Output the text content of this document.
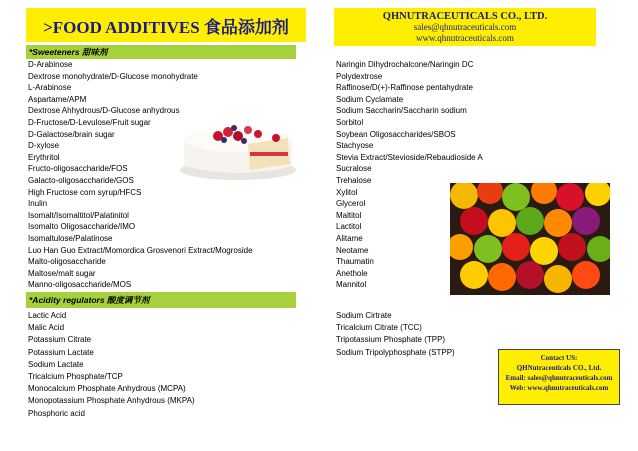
>FOOD ADDITIVES 食品添加剂
QHNUTRACEUTICALS CO., LTD.
sales@qhnutraceuticals.com
www.qhnutraceuticals.com
*Sweeteners 甜味剂
D-Arabinose
Dextrose monohydrate/D-Glucose monohydrate
L-Arabinose
Aspartame/APM
Dextrose Ahhydrous/D-Glucose anhydrous
D-Fructose/D-Levulose/Fruit sugar
D-Galactose/brain sugar
D-xylose
Erythritol
Fructo-oligosaccharide/FOS
Galacto-oligosaccharide/GOS
High Fructose corn syrup/HFCS
Inulin
Isomalt/Isomaltitol/Palatinitol
Isomalto Oligosaccharide/IMO
Isomaltulose/Palatinose
Luo Han Guo Extract/Momordica Grosvenori Extract/Mogroside
Malto-oligosaccharide
Maltose/malt sugar
Manno-oligosaccharide/MOS
Naringin Dihydrochalcone/Naringin DC
Polydextrose
Raffinose/D(+)-Raffinose pentahydrate
Sodium Cyclamate
Sodium Saccharin/Saccharin sodium
Sorbitol
Soybean Oligosaccharides/SBOS
Stachyose
Stevia Extract/Stevioside/Rebaudioside A
Sucralose
Trehalose
Xylitol
Glycerol
Maltitol
Lactitol
Alitame
Neotame
Thaumatin
Anethole
Mannitol
*Acidity regulators 酸度调节剂
Lactic Acid
Malic Acid
Potassium Citrate
Potassium Lactate
Sodium Lactate
Tricalcium Phosphate/TCP
Monocalcium Phosphate Anhydrous (MCPA)
Monopotassium Phosphate Anhydrous (MKPA)
Phosphoric acid
Sodium Cirtrate
Tricalcium Citrate (TCC)
Tripotassium Phosphate (TPP)
Sodium Tripolyphosphate (STPP)
Contact US:
QHNutraceuticals CO., Ltd.
Email: sales@qhnutraceuticals.com
Web: www.qhnutraceuticals.com
